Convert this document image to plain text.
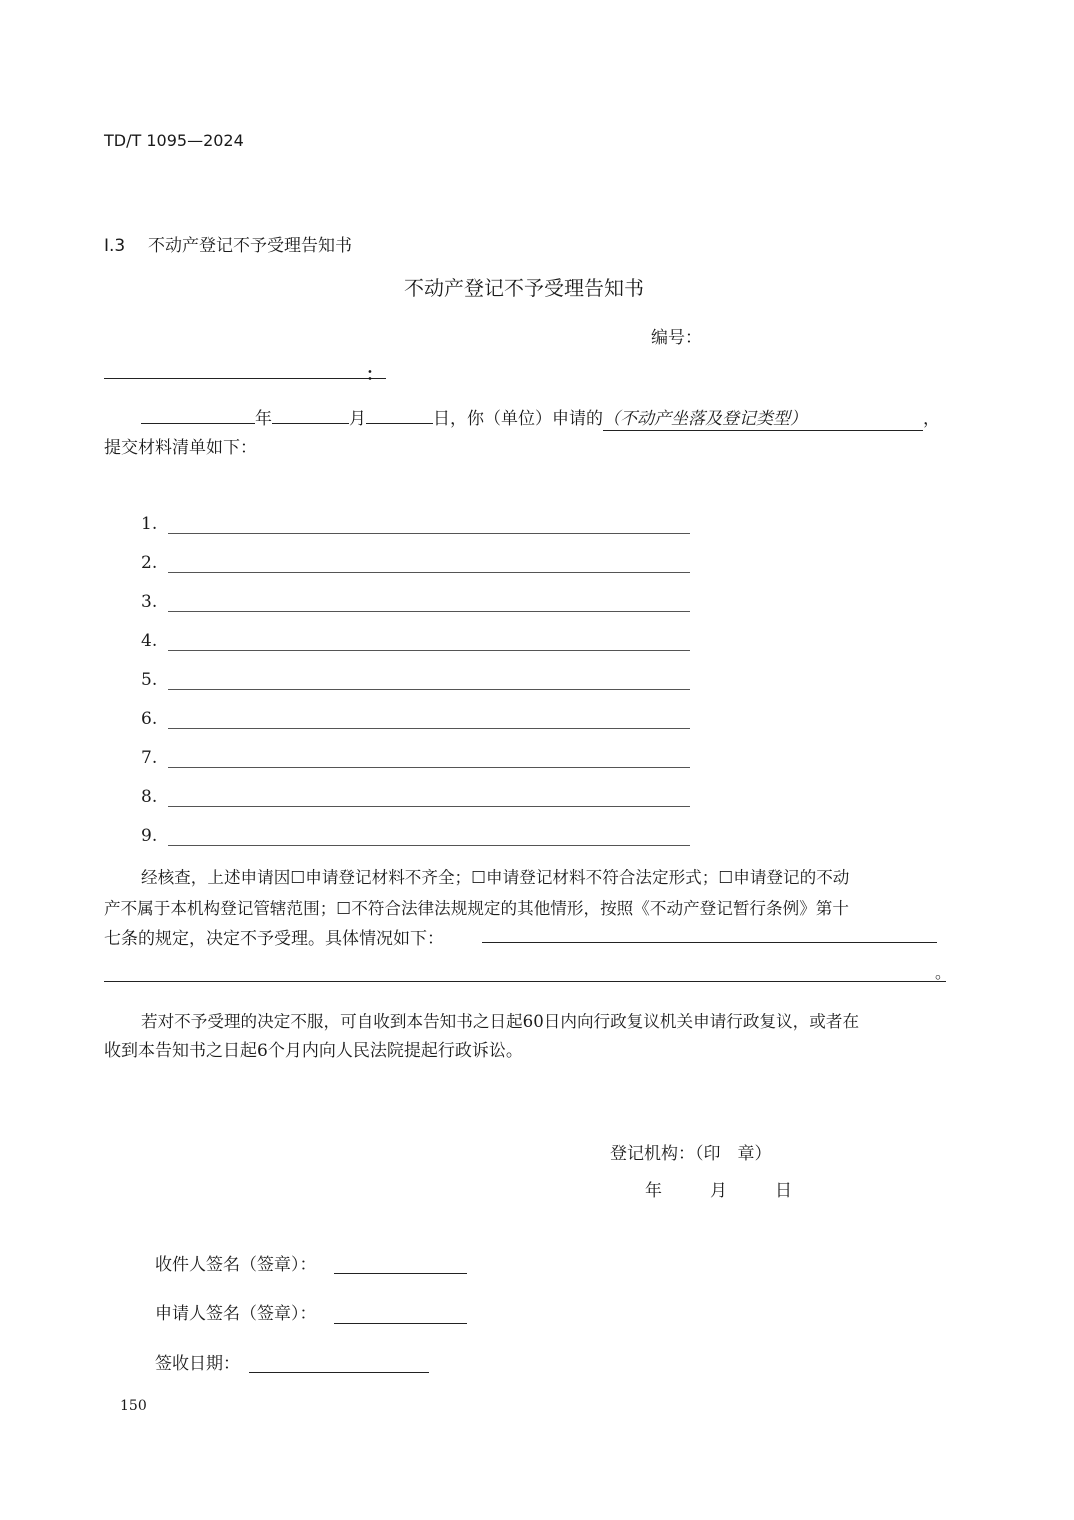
TD/T 1095—2024
I.3 不动产登记不予受理告知书
不动产登记不予受理告知书
编号：
：
年	月	日，你（单位）申请的（不动产坐落及登记类型）	，
提交材料清单如下：
1.
2.
3.
4.
5.
6.
7.
8.
9.
经核查，上述申请因☐申请登记材料不齐全；☐申请登记材料不符合法定形式；☐申请登记的不动
产不属于本机构登记管辖范围；☐不符合法律法规规定的其他情形，按照《不动产登记暂行条例》第十
七条的规定，决定不予受理。具体情况如下：
。
若对不予受理的决定不服，可自收到本告知书之日起60日内向行政复议机关申请行政复议，或者在
收到本告知书之日起6个月内向人民法院提起行政诉讼。
登记机构：（印　章）
年	月	日
收件人签名（签章）：
申请人签名（签章）：
签收日期：
150
